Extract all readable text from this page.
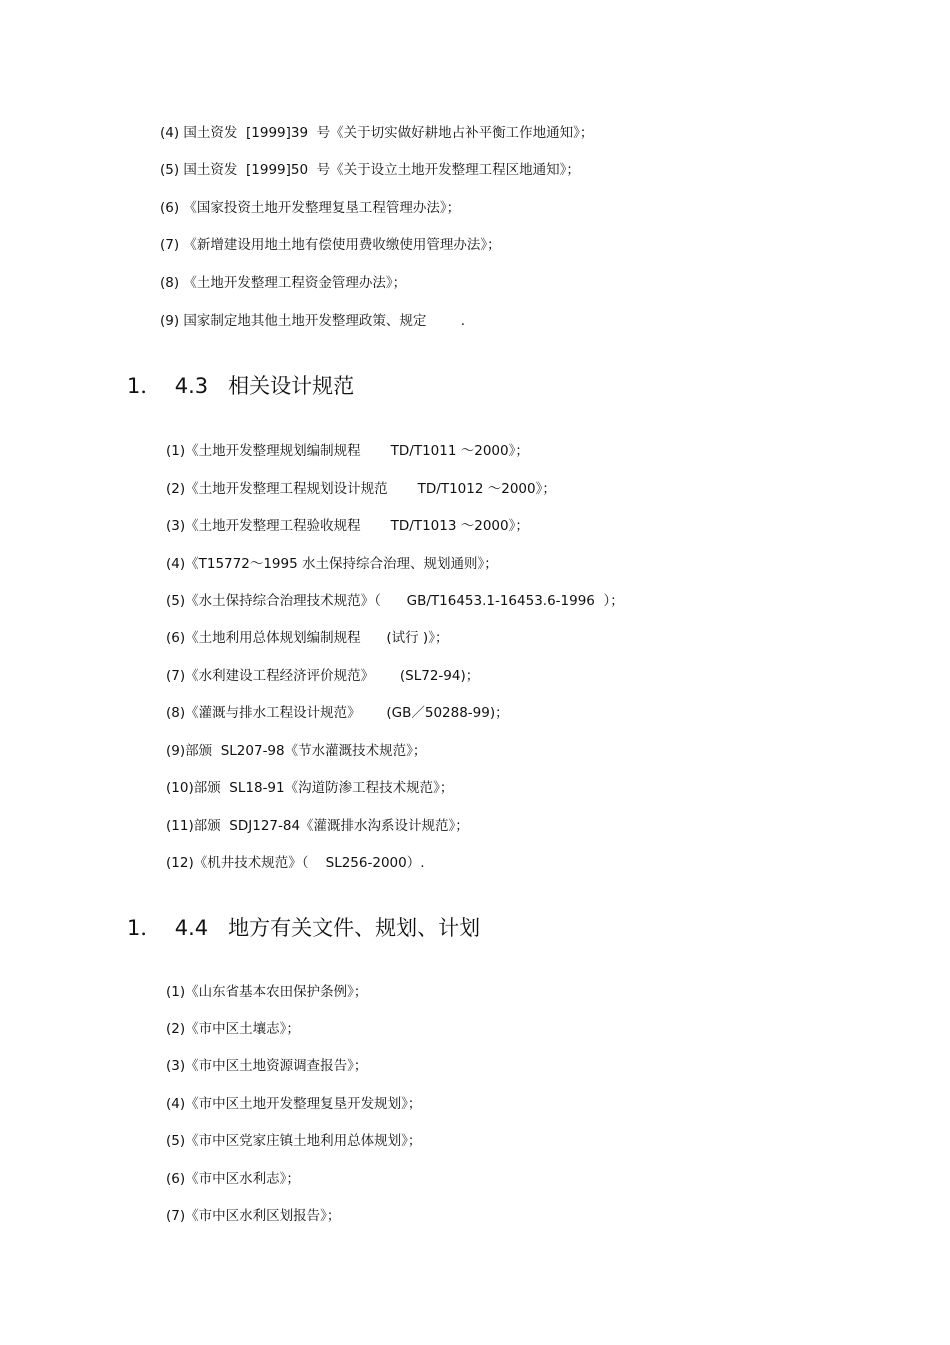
(4) 国土资发  [1999]39  号《关于切实做好耕地占补平衡工作地通知》；
(5) 国土资发  [1999]50  号《关于设立土地开发整理工程区地通知》；
(6) 《国家投资土地开发整理复垦工程管理办法》；
(7) 《新增建设用地土地有偿使用费收缴使用管理办法》；
(8) 《土地开发整理工程资金管理办法》；
(9) 国家制定地其他土地开发整理政策、规定        .
1．  4.3   相关设计规范
(1)《土地开发整理规划编制规程       TD/T1011 ～2000》；
(2)《土地开发整理工程规划设计规范       TD/T1012 ～2000》；
(3)《土地开发整理工程验收规程       TD/T1013 ～2000》；
(4)《T15772～1995 水土保持综合治理、规划通则》；
(5)《水土保持综合治理技术规范》（      GB/T16453.1-16453.6-1996  ）；
(6)《土地利用总体规划编制规程      (试行 )》；
(7)《水利建设工程经济评价规范》      (SL72-94)；
(8)《灌溉与排水工程设计规范》      (GB／50288-99)；
(9)部颁  SL207-98《节水灌溉技术规范》；
(10)部颁  SL18-91《沟道防渗工程技术规范》；
(11)部颁  SDJ127-84《灌溉排水沟系设计规范》；
(12)《机井技术规范》（    SL256-2000）.
1．  4.4   地方有关文件、规划、计划
(1)《山东省基本农田保护条例》；
(2)《市中区土壤志》；
(3)《市中区土地资源调查报告》；
(4)《市中区土地开发整理复垦开发规划》；
(5)《市中区党家庄镇土地利用总体规划》；
(6)《市中区水利志》；
(7)《市中区水利区划报告》；
